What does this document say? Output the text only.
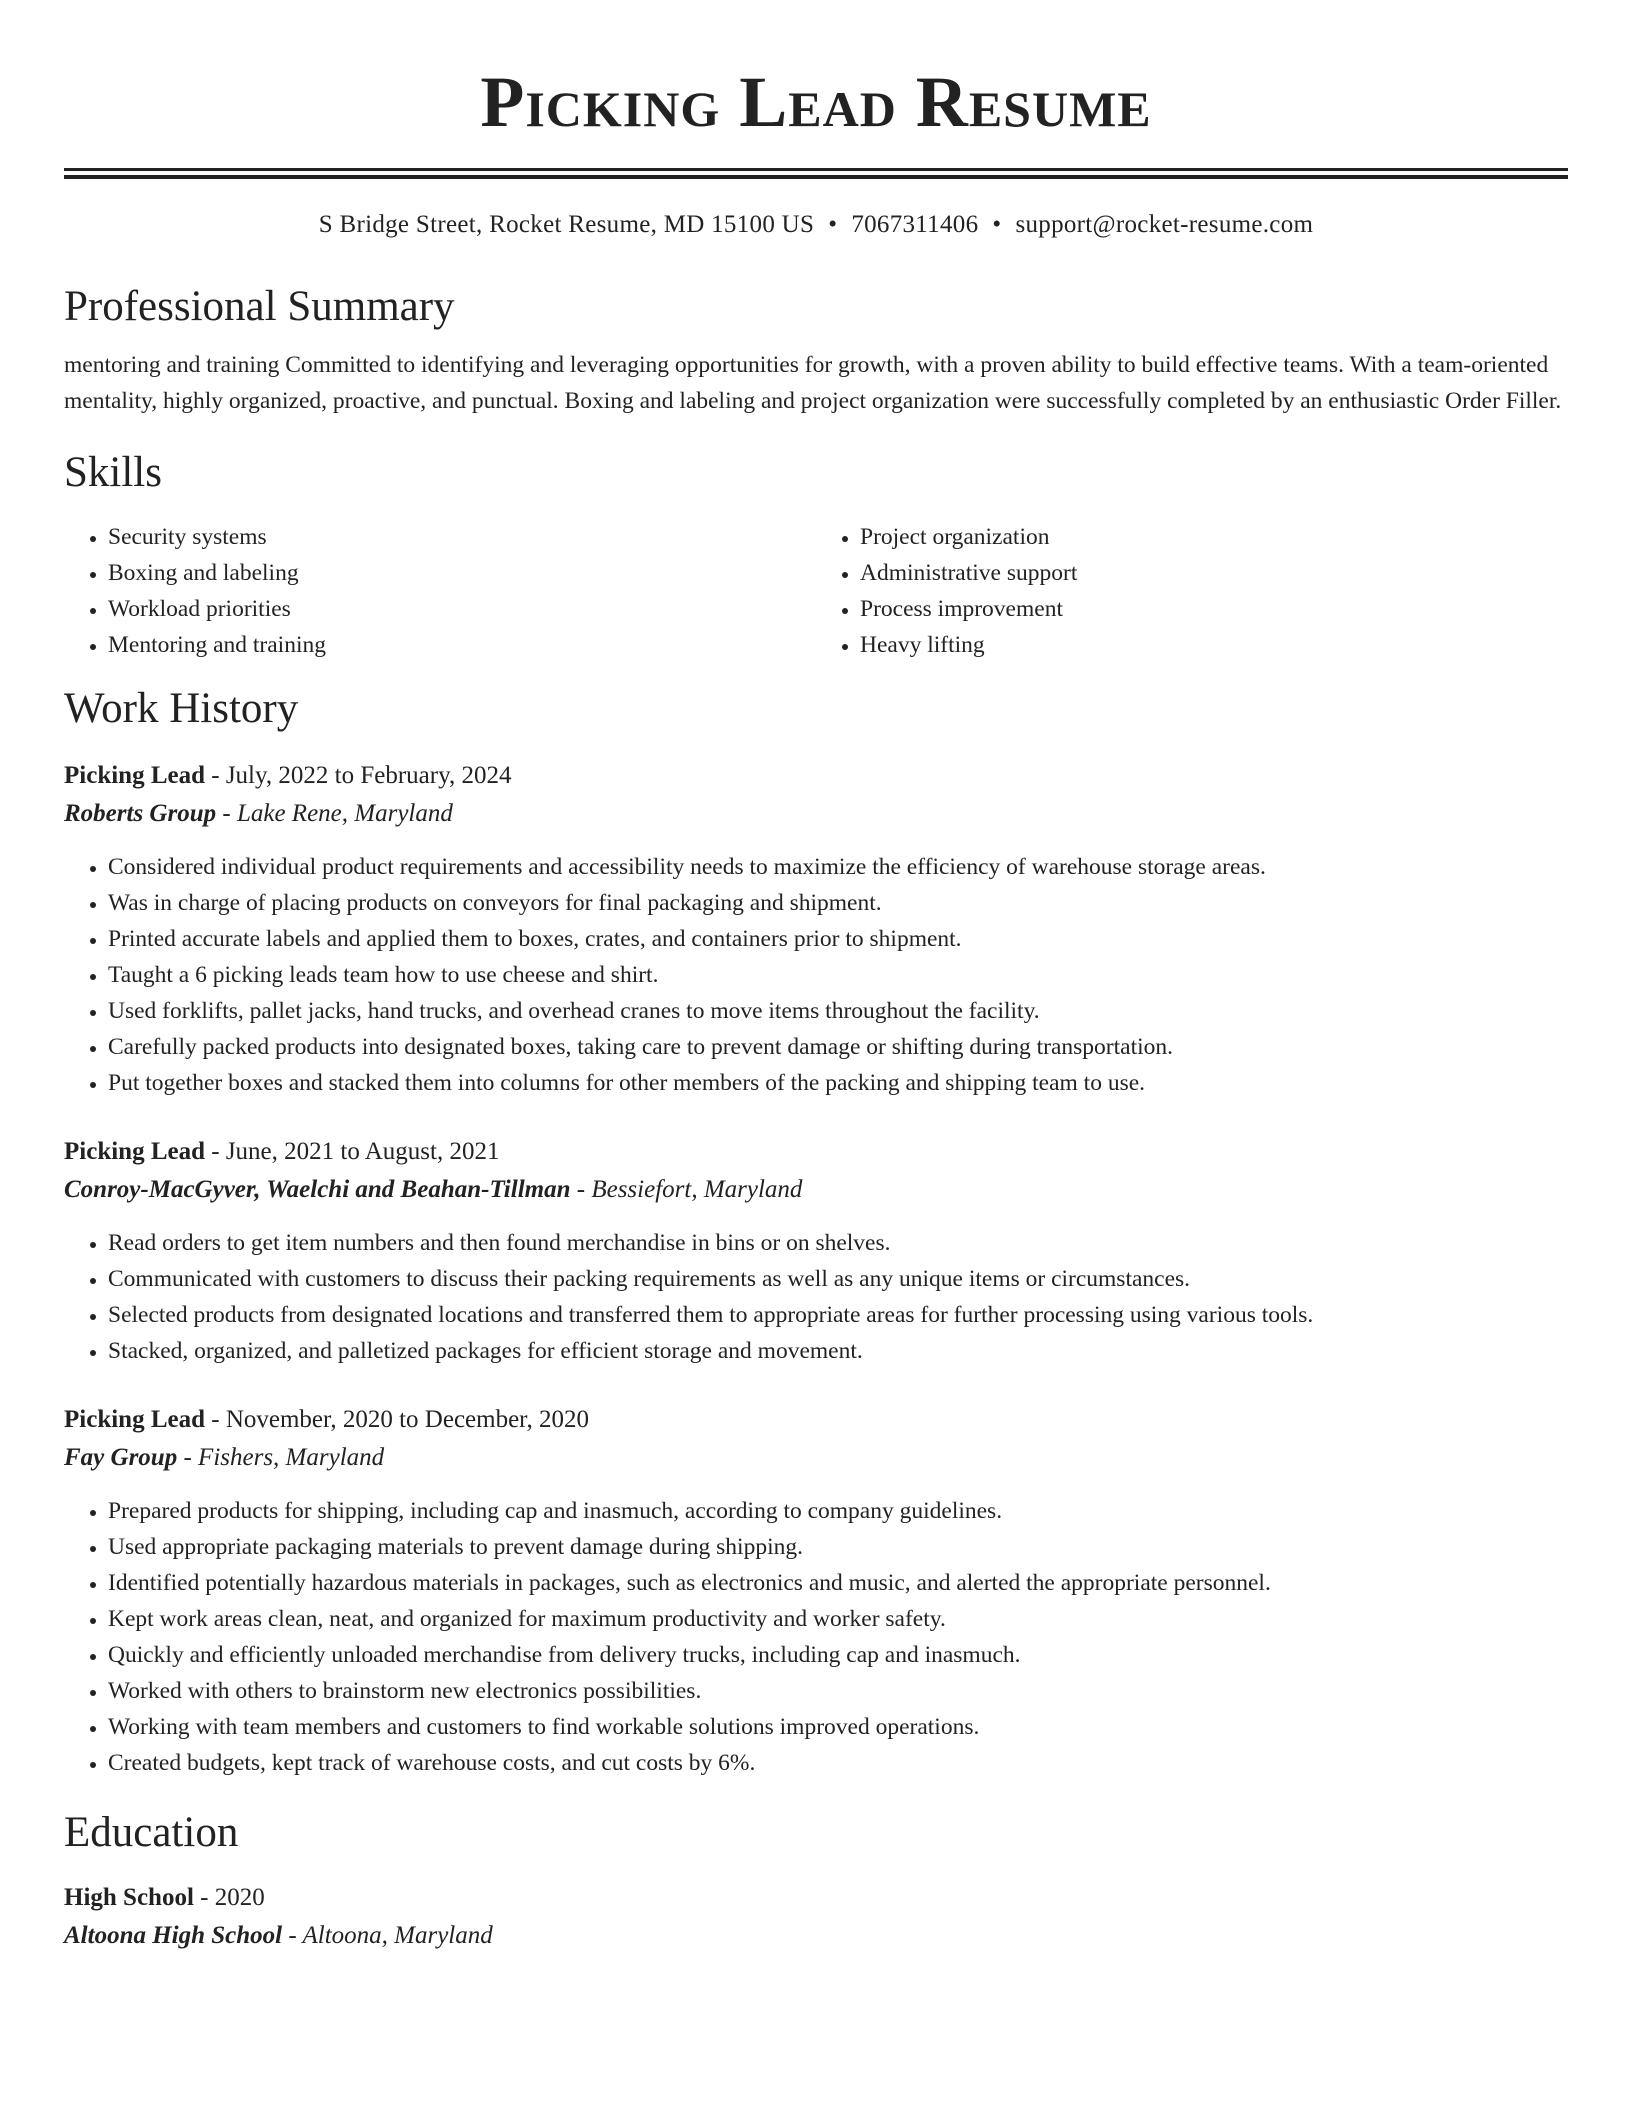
Picking Lead Resume
S Bridge Street, Rocket Resume, MD 15100 US • 7067311406 • support@rocket-resume.com
Professional Summary

mentoring and training Committed to identifying and leveraging opportunities for growth, with a proven ability to build effective teams. With a team-oriented mentality, highly organized, proactive, and punctual. Boxing and labeling and project organization were successfully completed by an enthusiastic Order Filler.

Skills
• Security systems
• Boxing and labeling
• Workload priorities
• Mentoring and training
• Project organization
• Administrative support
• Process improvement
• Heavy lifting
Work History
Picking Lead - July, 2022 to February, 2024
Roberts Group - Lake Rene, Maryland
• Considered individual product requirements and accessibility needs to maximize the efficiency of warehouse storage areas.
• Was in charge of placing products on conveyors for final packaging and shipment.
• Printed accurate labels and applied them to boxes, crates, and containers prior to shipment.
• Taught a 6 picking leads team how to use cheese and shirt.
• Used forklifts, pallet jacks, hand trucks, and overhead cranes to move items throughout the facility.
• Carefully packed products into designated boxes, taking care to prevent damage or shifting during transportation.
• Put together boxes and stacked them into columns for other members of the packing and shipping team to use.
Picking Lead - June, 2021 to August, 2021
Conroy-MacGyver, Waelchi and Beahan-Tillman - Bessiefort, Maryland
• Read orders to get item numbers and then found merchandise in bins or on shelves.
• Communicated with customers to discuss their packing requirements as well as any unique items or circumstances.
• Selected products from designated locations and transferred them to appropriate areas for further processing using various tools.
• Stacked, organized, and palletized packages for efficient storage and movement.
Picking Lead - November, 2020 to December, 2020
Fay Group - Fishers, Maryland
• Prepared products for shipping, including cap and inasmuch, according to company guidelines.
• Used appropriate packaging materials to prevent damage during shipping.
• Identified potentially hazardous materials in packages, such as electronics and music, and alerted the appropriate personnel.
• Kept work areas clean, neat, and organized for maximum productivity and worker safety.
• Quickly and efficiently unloaded merchandise from delivery trucks, including cap and inasmuch.
• Worked with others to brainstorm new electronics possibilities.
• Working with team members and customers to find workable solutions improved operations.
• Created budgets, kept track of warehouse costs, and cut costs by 6%.
Education
High School - 2020
Altoona High School - Altoona, Maryland
